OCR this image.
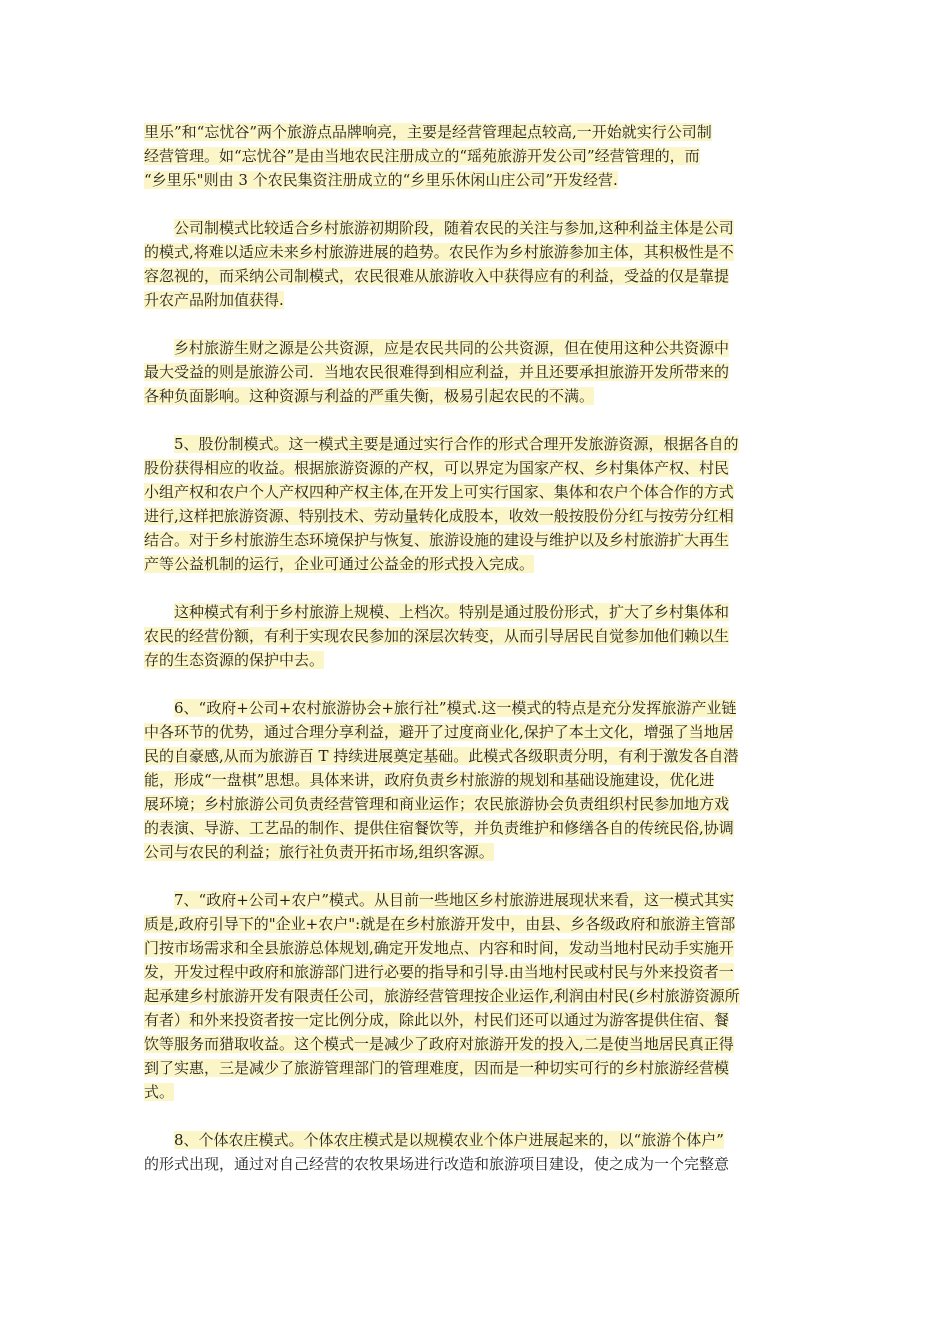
里乐”和“忘忧谷”两个旅游点品牌响亮，主要是经营管理起点较高,一开始就实行公司制
经营管理。如“忘忧谷”是由当地农民注册成立的“瑶苑旅游开发公司”经营管理的，而
“乡里乐"则由 3 个农民集资注册成立的“乡里乐休闲山庄公司”开发经营.
公司制模式比较适合乡村旅游初期阶段，随着农民的关注与参加,这种利益主体是公司
的模式,将难以适应未来乡村旅游进展的趋势。农民作为乡村旅游参加主体，其积极性是不
容忽视的，而采纳公司制模式，农民很难从旅游收入中获得应有的利益，受益的仅是靠提
升农产品附加值获得.
乡村旅游生财之源是公共资源，应是农民共同的公共资源，但在使用这种公共资源中
最大受益的则是旅游公司．当地农民很难得到相应利益，并且还要承担旅游开发所带来的
各种负面影响。这种资源与利益的严重失衡，极易引起农民的不满。
5、股份制模式。这一模式主要是通过实行合作的形式合理开发旅游资源，根据各自的
股份获得相应的收益。根据旅游资源的产权，可以界定为国家产权、乡村集体产权、村民
小组产权和农户个人产权四种产权主体,在开发上可实行国家、集体和农户个体合作的方式
进行,这样把旅游资源、特别技术、劳动量转化成股本，收效一般按股份分红与按劳分红相
结合。对于乡村旅游生态环境保护与恢复、旅游设施的建设与维护以及乡村旅游扩大再生
产等公益机制的运行，企业可通过公益金的形式投入完成。
这种模式有利于乡村旅游上规模、上档次。特别是通过股份形式，扩大了乡村集体和
农民的经营份额，有利于实现农民参加的深层次转变，从而引导居民自觉参加他们赖以生
存的生态资源的保护中去。
6、“政府+公司+农村旅游协会+旅行社”模式.这一模式的特点是充分发挥旅游产业链
中各环节的优势，通过合理分享利益，避开了过度商业化,保护了本土文化，增强了当地居
民的自豪感,从而为旅游百 T 持续进展奠定基础。此模式各级职责分明，有利于激发各自潜
能，形成“一盘棋”思想。具体来讲，政府负责乡村旅游的规划和基础设施建设，优化进
展环境；乡村旅游公司负责经营管理和商业运作；农民旅游协会负责组织村民参加地方戏
的表演、导游、工艺品的制作、提供住宿餐饮等，并负责维护和修缮各自的传统民俗,协调
公司与农民的利益；旅行社负责开拓市场,组织客源。
7、“政府+公司+农户”模式。从目前一些地区乡村旅游进展现状来看，这一模式其实
质是,政府引导下的"企业+农户":就是在乡村旅游开发中，由县、乡各级政府和旅游主管部
门按市场需求和全县旅游总体规划,确定开发地点、内容和时间，发动当地村民动手实施开
发，开发过程中政府和旅游部门进行必要的指导和引导.由当地村民或村民与外来投资者一
起承建乡村旅游开发有限责任公司，旅游经营管理按企业运作,利润由村民(乡村旅游资源所
有者）和外来投资者按一定比例分成，除此以外，村民们还可以通过为游客提供住宿、餐
饮等服务而猎取收益。这个模式一是减少了政府对旅游开发的投入,二是使当地居民真正得
到了实惠，三是减少了旅游管理部门的管理难度，因而是一种切实可行的乡村旅游经营模
式。
8、个体农庄模式。个体农庄模式是以规模农业个体户进展起来的，以“旅游个体户”
的形式出现，通过对自己经营的农牧果场进行改造和旅游项目建设，使之成为一个完整意
